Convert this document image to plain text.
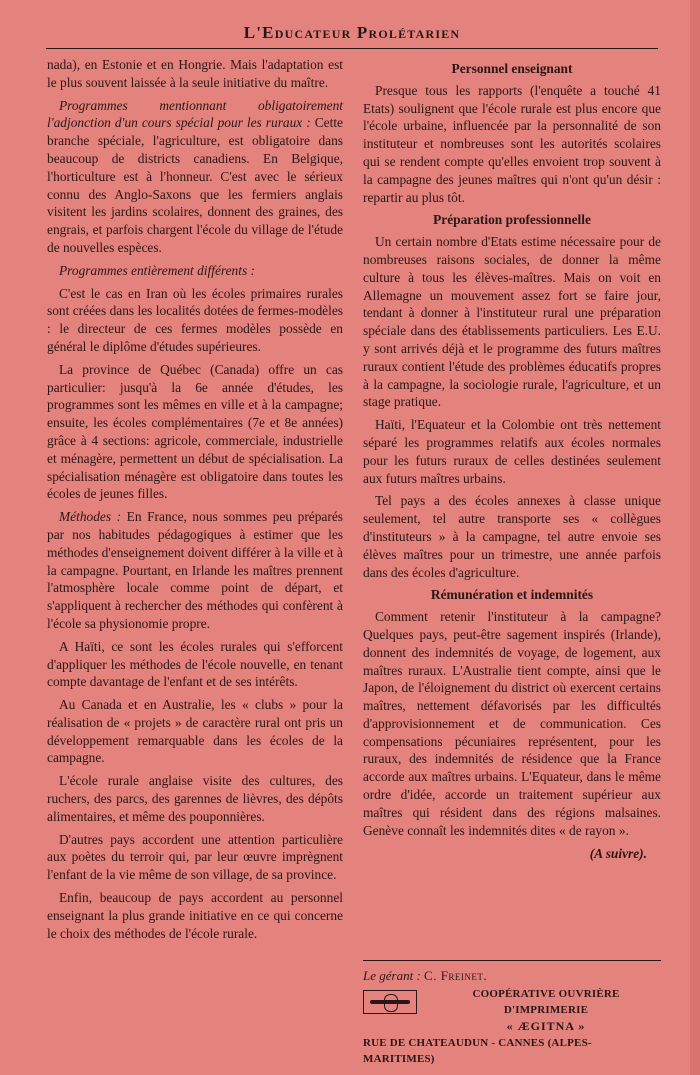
L'Educateur Prolétarien

nada), en Estonie et en Hongrie. Mais l'adaptation est le plus souvent laissée à la seule initiative du maître.

Programmes mentionnant obligatoirement l'adjonction d'un cours spécial pour les ruraux : Cette branche spéciale, l'agriculture, est obligatoire dans beaucoup de districts canadiens. En Belgique, l'horticulture est à l'honneur. C'est avec le sérieux connu des Anglo-Saxons que les fermiers anglais visitent les jardins scolaires, donnent des graines, des engrais, et parfois chargent l'école du village de l'étude de nouvelles espèces.

Programmes entièrement différents :

C'est le cas en Iran où les écoles primaires rurales sont créées dans les localités dotées de fermes-modèles : le directeur de ces fermes modèles possède en général le diplôme d'études supérieures.

La province de Québec (Canada) offre un cas particulier: jusqu'à la 6e année d'études, les programmes sont les mêmes en ville et à la campagne; ensuite, les écoles complémentaires (7e et 8e années) grâce à 4 sections: agricole, commerciale, industrielle et ménagère, permettent un début de spécialisation. La spécialisation ménagère est obligatoire dans toutes les écoles de jeunes filles.

Méthodes : En France, nous sommes peu préparés par nos habitudes pédagogiques à estimer que les méthodes d'enseignement doivent différer à la ville et à la campagne. Pourtant, en Irlande les maîtres prennent l'atmosphère locale comme point de départ, et s'appliquent à rechercher des méthodes qui confèrent à l'école sa physionomie propre.

A Haïti, ce sont les écoles rurales qui s'efforcent d'appliquer les méthodes de l'école nouvelle, en tenant compte davantage de l'enfant et de ses intérêts.

Au Canada et en Australie, les « clubs » pour la réalisation de « projets » de caractère rural ont pris un développement remarquable dans les écoles de la campagne.

L'école rurale anglaise visite des cultures, des ruchers, des parcs, des garennes de lièvres, des dépôts alimentaires, et même des pouponnières.

D'autres pays accordent une attention particulière aux poètes du terroir qui, par leur œuvre imprègnent l'enfant de la vie même de son village, de sa province.

Enfin, beaucoup de pays accordent au personnel enseignant la plus grande initiative en ce qui concerne le choix des méthodes de l'école rurale.

Personnel enseignant

Presque tous les rapports (l'enquête a touché 41 Etats) soulignent que l'école rurale est plus encore que l'école urbaine, influencée par la personnalité de son instituteur et nombreuses sont les autorités scolaires qui se rendent compte qu'elles envoient trop souvent à la campagne des jeunes maîtres qui n'ont qu'un désir : repartir au plus tôt.

Préparation professionnelle

Un certain nombre d'Etats estime nécessaire pour de nombreuses raisons sociales, de donner la même culture à tous les élèves-maîtres. Mais on voit en Allemagne un mouvement assez fort se faire jour, tendant à donner à l'instituteur rural une préparation spéciale dans des établissements particuliers. Les E.U. y sont arrivés déjà et le programme des futurs maîtres ruraux contient l'étude des problèmes éducatifs propres à la campagne, la sociologie rurale, l'agriculture, et un stage pratique.

Haïti, l'Equateur et la Colombie ont très nettement séparé les programmes relatifs aux écoles normales pour les futurs ruraux de celles destinées seulement aux futurs maîtres urbains.

Tel pays a des écoles annexes à classe unique seulement, tel autre transporte ses « collègues d'instituteurs » à la campagne, tel autre envoie ses élèves maîtres pour un trimestre, une année parfois dans des écoles d'agriculture.

Rémunération et indemnités

Comment retenir l'instituteur à la campagne? Quelques pays, peut-être sagement inspirés (Irlande), donnent des indemnités de voyage, de logement, aux maîtres ruraux. L'Australie tient compte, ainsi que le Japon, de l'éloignement du district où exercent certains maîtres, nettement défavorisés par les difficultés d'approvisionnement et de communication. Ces compensations pécuniaires représentent, pour les ruraux, des indemnités de résidence que la France accorde aux maîtres urbains. L'Equateur, dans le même ordre d'idée, accorde un traitement supérieur aux maîtres qui résident dans des régions malsaines. Genève connaît les indemnités dites « de rayon ».

(A suivre).
Le gérant : C. Freinet.
COOPÉRATIVE OUVRIÈRE D'IMPRIMERIE
« ÆGITNA »
RUE DE CHATEAUDUN - CANNES (ALPES-MARITIMES)
